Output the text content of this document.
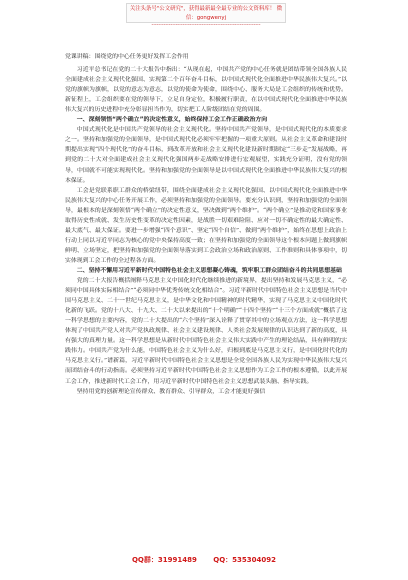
关注头条号"公文研究"，获得最新最全最专业的公文资料库！ 微信：gongwenyj
---------------------------------------------------------------

党课讲稿：围绕党的中心任务更好发挥工会作用

习近平总书记在党的二十大报告中指出：“从现在起，中国共产党的中心任务就是团结带领全国各族人民全面建成社会主义现代化强国、实现第二个百年奋斗目标，以中国式现代化全面推进中华民族伟大复兴。”以党的旗帜为旗帜，以党的意志为意志，以党的使命为使命，围绕中心、服务大局是工会组织的传统和优势。新征程上，工会组织要在党的领导下，立足自身定位，积极履行职责，在以中国式现代化全面推进中华民族伟大复兴的历史进程中充分彰显担当作为，切实把工人阶级团结在党的周围。

一、深刻领悟“两个确立”的决定性意义，始终保持工会工作正确政治方向

中国式现代化是中国共产党领导的社会主义现代化。坚持中国共产党领导，是中国式现代化的本质要求之一。坚持和加强党的全面领导，是中国式现代化必须牢牢把握的一项重大原则。从社会主义革命和建设时期提出实现“四个现代化”的奋斗目标，到改革开放和社会主义现代化建设新时期制定“三步走”发展战略，再到党的二十大对全面建成社会主义现代化强国两步走战略安排进行宏观展望，实践充分证明，没有党的领导，中国就不可能实现现代化。坚持和加强党的全面领导是以中国式现代化全面推进中华民族伟大复兴的根本保证。

工会是党联系职工群众的桥梁纽带，围绕全面建成社会主义现代化强国、以中国式现代化全面推进中华民族伟大复兴的中心任务开展工作，必须坚持和加强党的全面领导。要充分认识到，坚持和加强党的全面领导，最根本的是深刻领悟“两个确立”的决定性意义，坚决做到“两个维护”。“两个确立”是推动党和国家事业取得历史性成就、发生历史性变革的决定性因素，是战胜一切艰难险阻、应对一切不确定性的最大确定性、最大底气、最大保证。要进一步增强“四个意识”、坚定“四个自信”、做到“两个维护”，始终在思想上政治上行动上同以习近平同志为核心的党中央保持高度一致；在坚持和加强党的全面领导这个根本问题上做到旗帜鲜明、立场坚定，把坚持和加强党的全面领导落实到工会政治立场和政治原则、工作准则和具体事项中，切实体现到工会工作的全过程各方面。

二、坚持不懈用习近平新时代中国特色社会主义思想凝心铸魂，筑牢职工群众团结奋斗的共同思想基础

党的二十大报告概括阐释马克思主义中国化时代化继续推进的新境界，提出坚持和发展马克思主义，“必须同中国具体实际相结合”“必须同中华优秀传统文化相结合”。习近平新时代中国特色社会主义思想是当代中国马克思主义、二十一世纪马克思主义，是中华文化和中国精神的时代精华，实现了马克思主义中国化时代化新的飞跃。党的十八大、十九大、二十大以来提出的“十个明确”“十四个坚持”“十三个方面成就”概括了这一科学思想的主要内容，党的二十大提出的“六个坚持”深入诠释了贯穿其中的立场观点方法，这一科学思想体现了中国共产党人对共产党执政规律、社会主义建设规律、人类社会发展规律的认识达到了新的高度，具有强大的真理力量。这一科学思想是从新时代中国特色社会主义伟大实践中产生的理论结晶，具有鲜明的实践伟力。中国共产党为什么能，中国特色社会主义为什么好，归根到底是马克思主义行，是中国化时代化的马克思主义行。”谱新篇，习近平新时代中国特色社会主义思想是全党全国各族人民为实现中华民族伟大复兴而团结奋斗的行动指南。必须坚持习近平新时代中国特色社会主义思想作为工会工作的根本遵循，以此开展工会工作，推进新时代工会工作，用习近平新时代中国特色社会主义思想武装头脑、指导实践。

坚持用党的创新理论宣传群众、教育群众、引导群众，工会才能更好强信

QQ群：31991489 QQ：535304092
